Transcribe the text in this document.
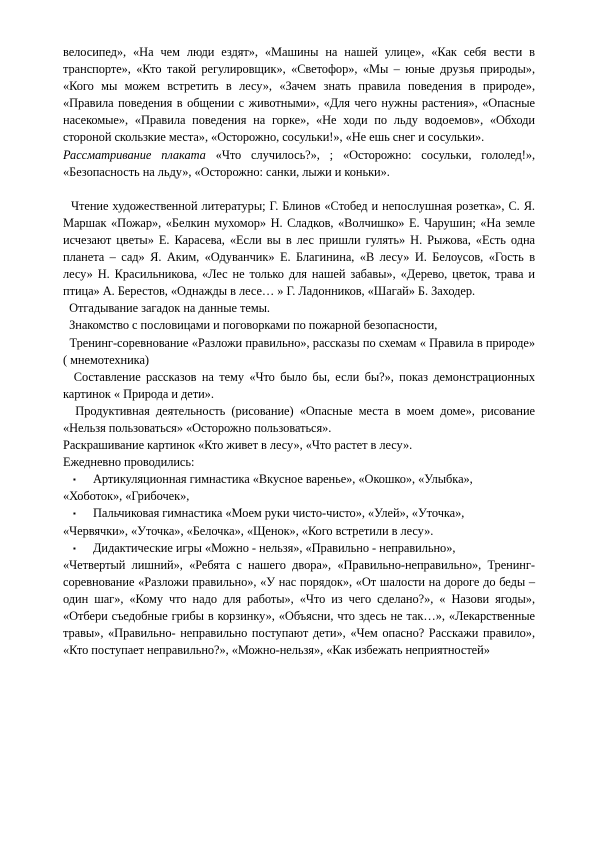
велосипед», «На чем люди ездят», «Машины на нашей улице», «Как себя вести в транспорте», «Кто такой регулировщик», «Светофор», «Мы – юные друзья природы», «Кого мы можем встретить в лесу», «Зачем знать правила поведения в природе», «Правила поведения в общении с животными», «Для чего нужны растения», «Опасные насекомые», «Правила поведения на горке», «Не ходи по льду водоемов», «Обходи стороной скользкие места», «Осторожно, сосульки!», «Не ешь снег и сосульки».

Рассматривание плаката «Что случилось?», ; «Осторожно: сосульки, гололед!», «Безопасность на льду», «Осторожно: санки, лыжи и коньки».

Чтение художественной литературы; Г. Блинов «Стобед и непослушная розетка», С. Я. Маршак «Пожар», «Белкин мухомор» Н. Сладков, «Волчишко» Е. Чарушин; «На земле исчезают цветы» Е. Карасева, «Если вы в лес пришли гулять» Н. Рыжова, «Есть одна планета – сад» Я. Аким, «Одуванчик» Е. Благинина, «В лесу» И. Белоусов, «Гость в лесу» Н. Красильникова, «Лес не только для нашей забавы», «Дерево, цветок, трава и птица» А. Берестов, «Однажды в лесе… » Г. Ладонников, «Шагай» Б. Заходер.

Отгадывание загадок на данные темы.

Знакомство с пословицами и поговорками по пожарной безопасности,

Тренинг-соревнование «Разложи правильно», рассказы по схемам « Правила в природе» ( мнемотехника)

Составление рассказов на тему «Что было бы, если бы?», показ демонстрационных картинок « Природа и дети».

Продуктивная деятельность (рисование) «Опасные места в моем доме», рисование «Нельзя пользоваться» «Осторожно пользоваться».

Раскрашивание картинок «Кто живет в лесу», «Что растет в лесу».

Ежедневно проводились:

▪	Артикуляционная гимнастика «Вкусное варенье», «Окошко», «Улыбка»,

«Хоботок», «Грибочек»,

▪	Пальчиковая гимнастика «Моем руки чисто-чисто», «Улей», «Уточка»,

«Червячки», «Уточка», «Белочка», «Щенок», «Кого встретили в лесу».

▪	Дидактические игры «Можно - нельзя», «Правильно - неправильно»,

«Четвертый лишний», «Ребята с нашего двора», «Правильно-неправильно», Тренинг-соревнование «Разложи правильно», «У нас порядок», «От шалости на дороге до беды – один шаг», «Кому что надо для работы», «Что из чего сделано?», « Назови ягоды», «Отбери съедобные грибы в корзинку», «Объясни, что здесь не так…», «Лекарственные травы», «Правильно- неправильно поступают дети», «Чем опасно? Расскажи правило», «Кто поступает неправильно?», «Можно-нельзя», «Как избежать неприятностей»
